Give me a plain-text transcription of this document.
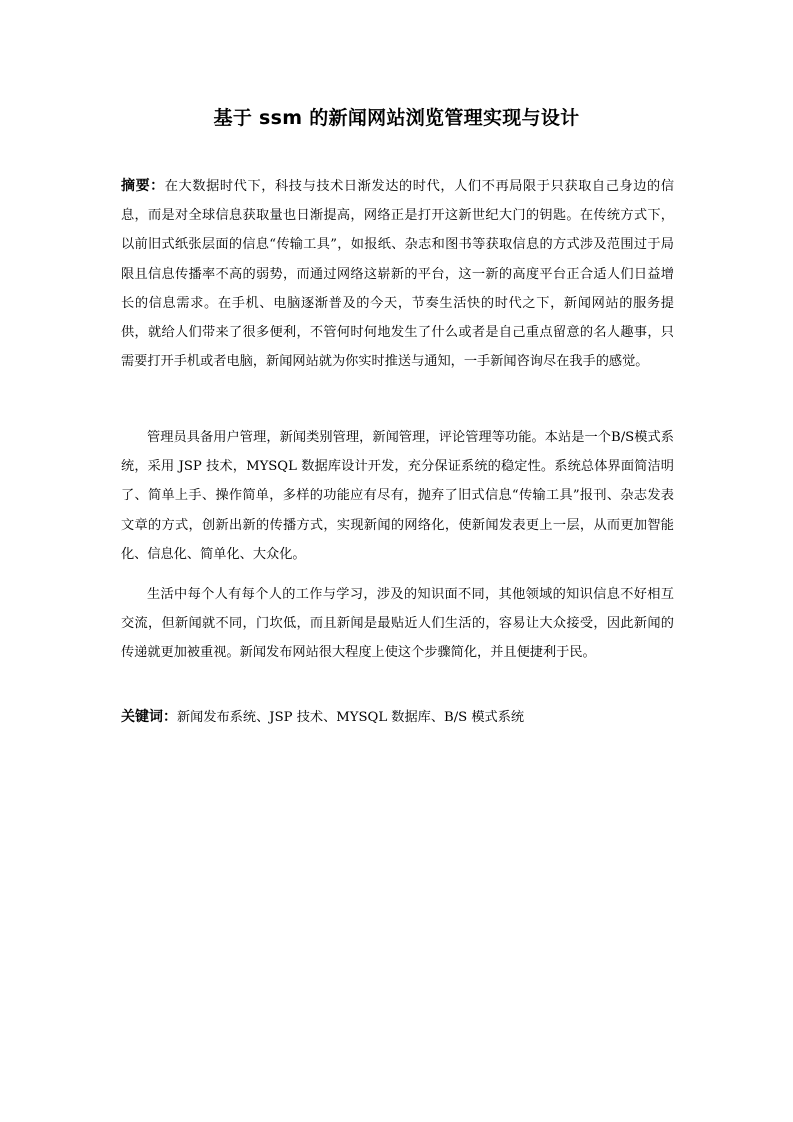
基于 ssm 的新闻网站浏览管理实现与设计

摘要：在大数据时代下，科技与技术日渐发达的时代，人们不再局限于只获取自己身边的信息，而是对全球信息获取量也日渐提高，网络正是打开这新世纪大门的钥匙。在传统方式下，以前旧式纸张层面的信息“传输工具”，如报纸、杂志和图书等获取信息的方式涉及范围过于局限且信息传播率不高的弱势，而通过网络这崭新的平台，这一新的高度平台正合适人们日益增长的信息需求。在手机、电脑逐渐普及的今天，节奏生活快的时代之下，新闻网站的服务提供，就给人们带来了很多便利，不管何时何地发生了什么或者是自己重点留意的名人趣事，只需要打开手机或者电脑，新闻网站就为你实时推送与通知，一手新闻咨询尽在我手的感觉。

管理员具备用户管理，新闻类别管理，新闻管理，评论管理等功能。本站是一个B/S模式系统，采用 JSP 技术，MYSQL 数据库设计开发，充分保证系统的稳定性。系统总体界面简洁明了、简单上手、操作简单，多样的功能应有尽有，抛弃了旧式信息“传输工具”报刊、杂志发表文章的方式，创新出新的传播方式，实现新闻的网络化，使新闻发表更上一层，从而更加智能化、信息化、简单化、大众化。

生活中每个人有每个人的工作与学习，涉及的知识面不同，其他领域的知识信息不好相互交流，但新闻就不同，门坎低，而且新闻是最贴近人们生活的，容易让大众接受，因此新闻的传递就更加被重视。新闻发布网站很大程度上使这个步骤简化，并且便捷利于民。

关键词：新闻发布系统、JSP 技术、MYSQL 数据库、B/S 模式系统
